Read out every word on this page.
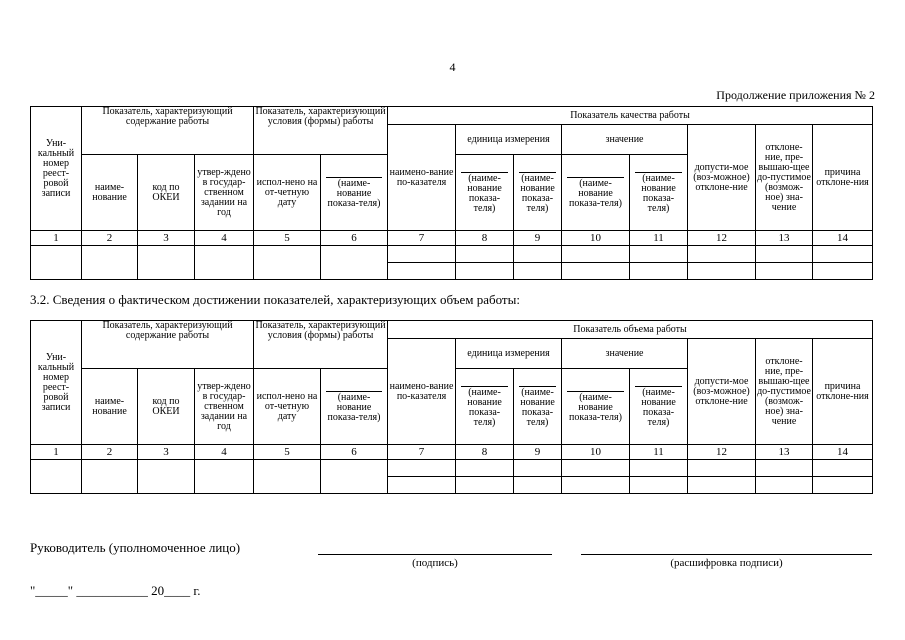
4
Продолжение приложения № 2
Уни-кальный номер реест-ровой записи	Показатель, характеризующий содержание работы			Показатель, характеризующий условия (формы) работы		Показатель качества работы							
						наимено-вание по-казателя	единица измерения		значение		допусти-мое (воз-можное) отклоне-ние	отклоне-ние, пре-вышаю-щее до-пустимое (возмож-ное) зна-чение	причина отклоне-ния
	наиме-нование	код по ОКЕИ	утвер-ждено в государ-ственном задании на год	испол-нено на от-четную дату	(наиме-нование показа-теля)		(наиме-нование показа-теля)	(наиме-нование показа-теля)	(наиме-нование показа-теля)	(наиме-нование показа-теля)			

1	2	3	4	5	6	7	8	9	10	11	12	13	14

3.2. Сведения о фактическом достижении показателей, характеризующих объем работы:
Уни-кальный номер реест-ровой записи	Показатель, характеризующий содержание работы			Показатель, характеризующий условия (формы) работы		Показатель объема работы							
						наимено-вание по-казателя	единица измерения		значение		допусти-мое (воз-можное) отклоне-ние	отклоне-ние, пре-вышаю-щее до-пустимое (возмож-ное) зна-чение	причина отклоне-ния
	наиме-нование	код по ОКЕИ	утвер-ждено в государ-ственном задании на год	испол-нено на от-четную дату	(наиме-нование показа-теля)		(наиме-нование показа-теля)	(наиме-нование показа-теля)	(наиме-нование показа-теля)	(наиме-нование показа-теля)			

1	2	3	4	5	6	7	8	9	10	11	12	13	14

Руководитель (уполномоченное лицо)
(подпись)	(расшифровка подписи)
"_____" ___________ 20____ г.
